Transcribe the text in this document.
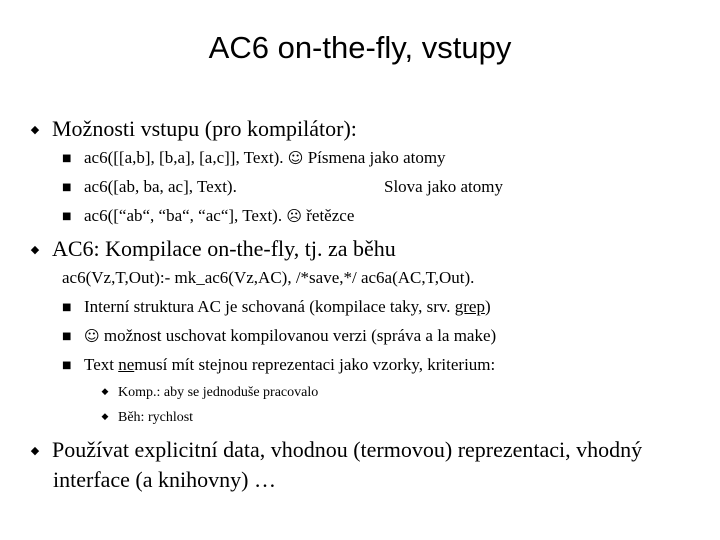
AC6 on-the-fly, vstupy
◆ Možnosti vstupu (pro kompilátor):
■ ac6([[a,b], [b,a], [a,c]], Text). ☺ Písmena jako atomy
■ ac6([ab, ba, ac], Text).	Slova jako atomy
■ ac6([“ab“, “ba“, “ac“], Text). ☹ řetězce
◆ AC6: Kompilace on-the-fly, tj. za běhu
ac6(Vz,T,Out):- mk_ac6(Vz,AC), /*save,*/ ac6a(AC,T,Out).
■ Interní struktura AC je schovaná (kompilace taky, srv. grep)
■ ☺ možnost uschovat kompilovanou verzi (správa a la make)
■ Text nemusí mít stejnou reprezentaci jako vzorky, kriterium:
◆ Komp.: aby se jednoduše pracovalo
◆ Běh: rychlost
◆ Používat explicitní data, vhodnou (termovou) reprezentaci, vhodný
interface (a knihovny) …
